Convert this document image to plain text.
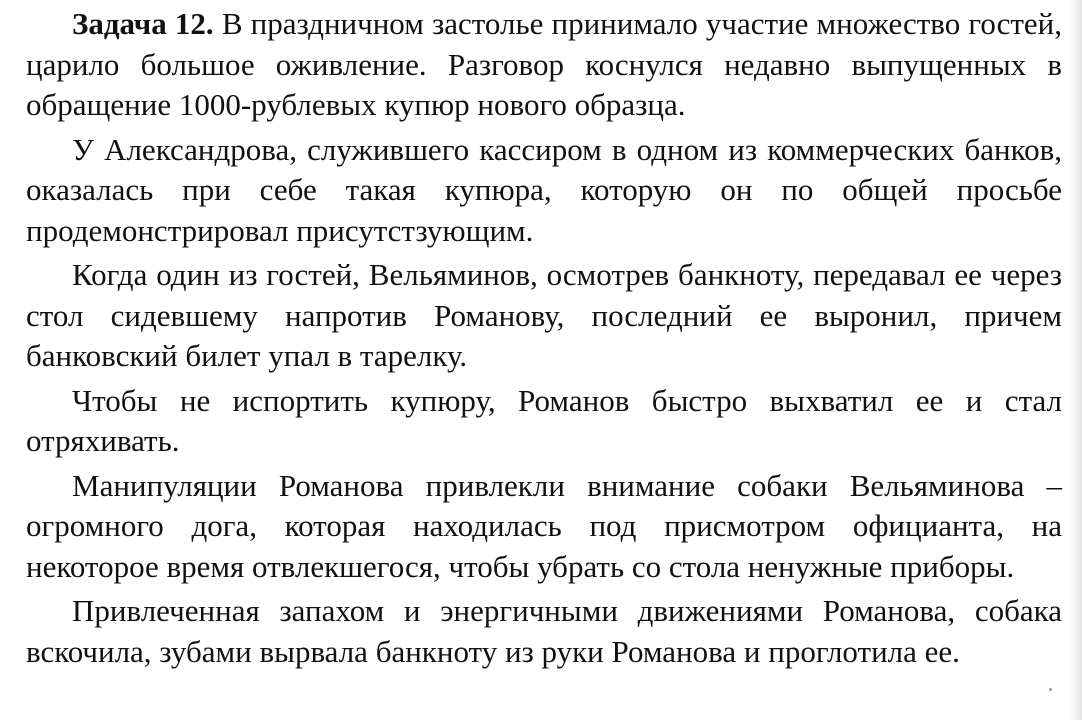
Задача 12. В праздничном застолье принимало участие множество гостей, царило большое оживление. Разговор коснулся недавно выпущенных в обращение 1000-рублевых купюр нового образца.

У Александрова, служившего кассиром в одном из коммерческих банков, оказалась при себе такая купюра, которую он по общей просьбе продемонстрировал присутстзующим.

Когда один из гостей, Вельяминов, осмотрев банкноту, передавал ее через стол сидевшему напротив Романову, последний ее выронил, причем банковский билет упал в тарелку.

Чтобы не испортить купюру, Романов быстро выхватил ее и стал отряхивать.

Манипуляции Романова привлекли внимание собаки Вельяминова – огромного дога, которая находилась под присмотром официанта, на некоторое время отвлекшегося, чтобы убрать со стола ненужные приборы.

Привлеченная запахом и энергичными движениями Романова, собака вскочила, зубами вырвала банкноту из руки Романова и проглотила ее.
